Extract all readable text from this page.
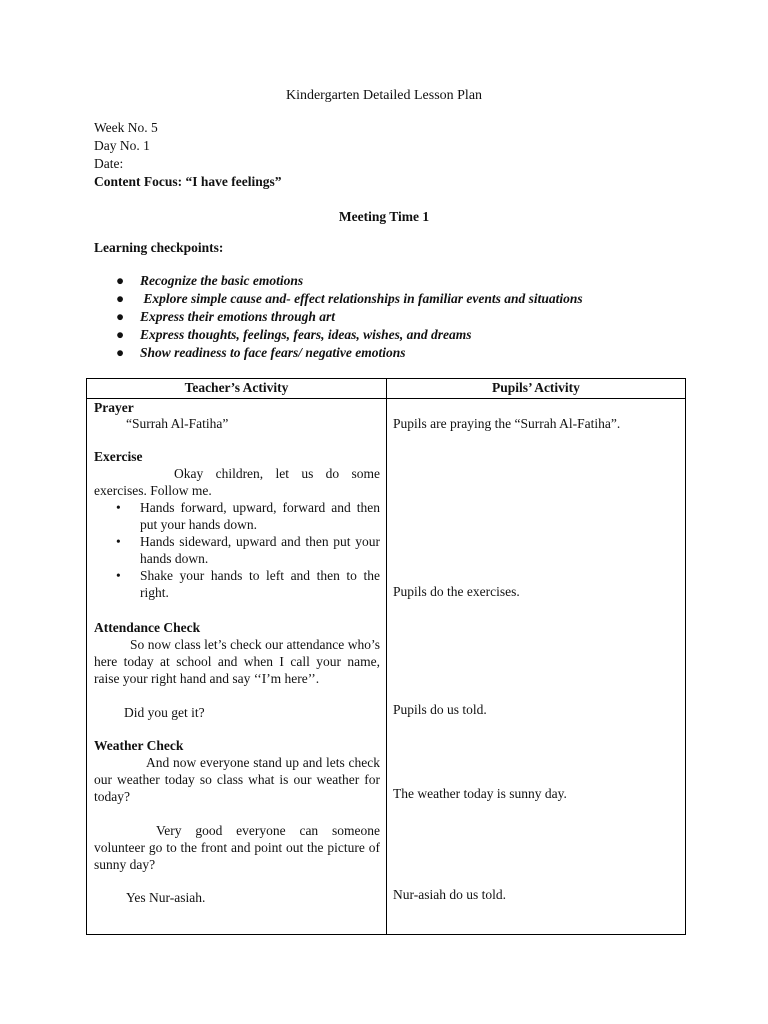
Kindergarten Detailed Lesson Plan
Week No. 5
Day No. 1
Date:
Content Focus: “I have feelings”
Meeting Time 1
Learning checkpoints:
● Recognize the basic emotions
● Explore simple cause and- effect relationships in familiar events and situations
● Express their emotions through art
● Express thoughts, feelings, fears, ideas, wishes, and dreams
● Show readiness to face fears/ negative emotions
Teacher’s Activity	Pupils’ Activity
Prayer
“Surrah Al-Fatiha”	Pupils are praying the “Surrah Al-Fatiha”.
Exercise
Okay children, let us do some
exercises. Follow me.
• Hands forward, upward, forward and then put your hands down.
• Hands sideward, upward and then put your hands down.
• Shake your hands to left and then to the right.	Pupils do the exercises.
Attendance Check
So now class let’s check our attendance who’s here today at school and when I call your name, raise your right hand and say ‘‘I’m here’’.
Did you get it?	Pupils do us told.
Weather Check
And now everyone stand up and lets check our weather today so class what is our weather for today?	The weather today is sunny day.
Very good everyone can someone volunteer go to the front and point out the picture of sunny day?
Yes Nur-asiah.	Nur-asiah do us told.
